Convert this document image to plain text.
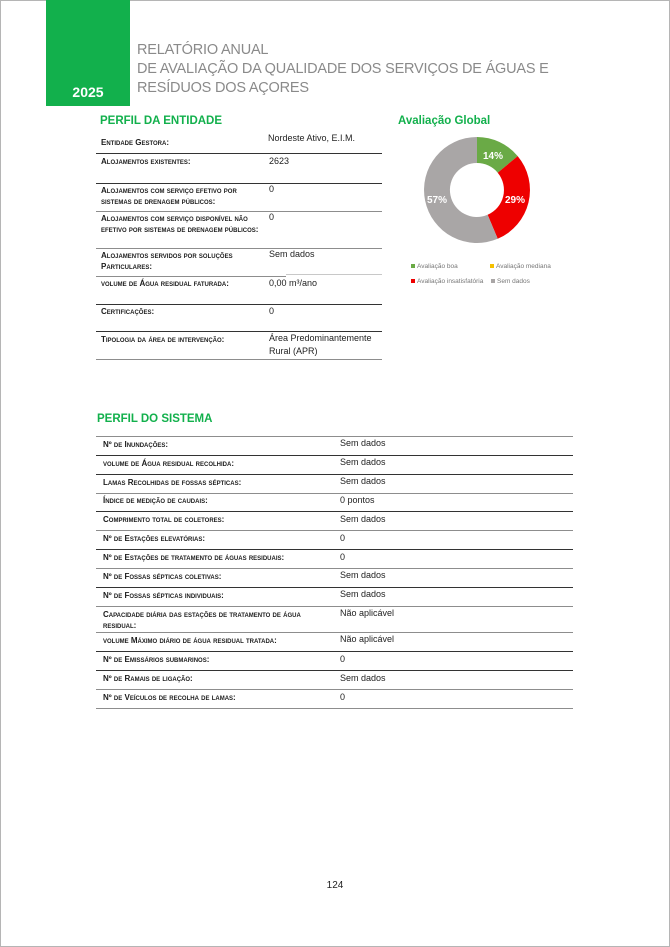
2025
RELATÓRIO ANUAL
DE AVALIAÇÃO DA QUALIDADE DOS SERVIÇOS DE ÁGUAS E
RESÍDUOS DOS AÇORES
PERFIL DA ENTIDADE
Entidade Gestora:	Nordeste Ativo, E.I.M.
Alojamentos existentes:	2623
Alojamentos com serviço efetivo por sistemas de drenagem públicos:
0
Alojamentos com serviço disponível não efetivo por sistemas de drenagem públicos:
0
Alojamentos servidos por soluções Particulares:
Sem dados
volume de Água residual faturada:	0,00 m³/ano
Certificações:	0
Tipologia da área de intervenção:	Área Predominantemente Rural (APR)
Avaliação Global
14%
29%
57%
Avaliação boa	Avaliação mediana
Avaliação insatisfatória	Sem dados
PERFIL DO SISTEMA
Nº de Inundações:	Sem dados
volume de Água residual recolhida:	Sem dados
Lamas Recolhidas de fossas sépticas:	Sem dados
Índice de medição de caudais:	0 pontos
Comprimento total de coletores:	Sem dados
Nº de Estações elevatórias:	0
Nº de Estações de tratamento de águas residuais:	0
Nº de Fossas sépticas coletivas:	Sem dados
Nº de Fossas sépticas individuais:	Sem dados
Capacidade diária das estações de tratamento de água residual:
Não aplicável
volume Máximo diário de água residual tratada:	Não aplicável
Nº de Emissários submarinos:	0
Nº de Ramais de ligação:	Sem dados
Nº de Veículos de recolha de lamas:	0
124
